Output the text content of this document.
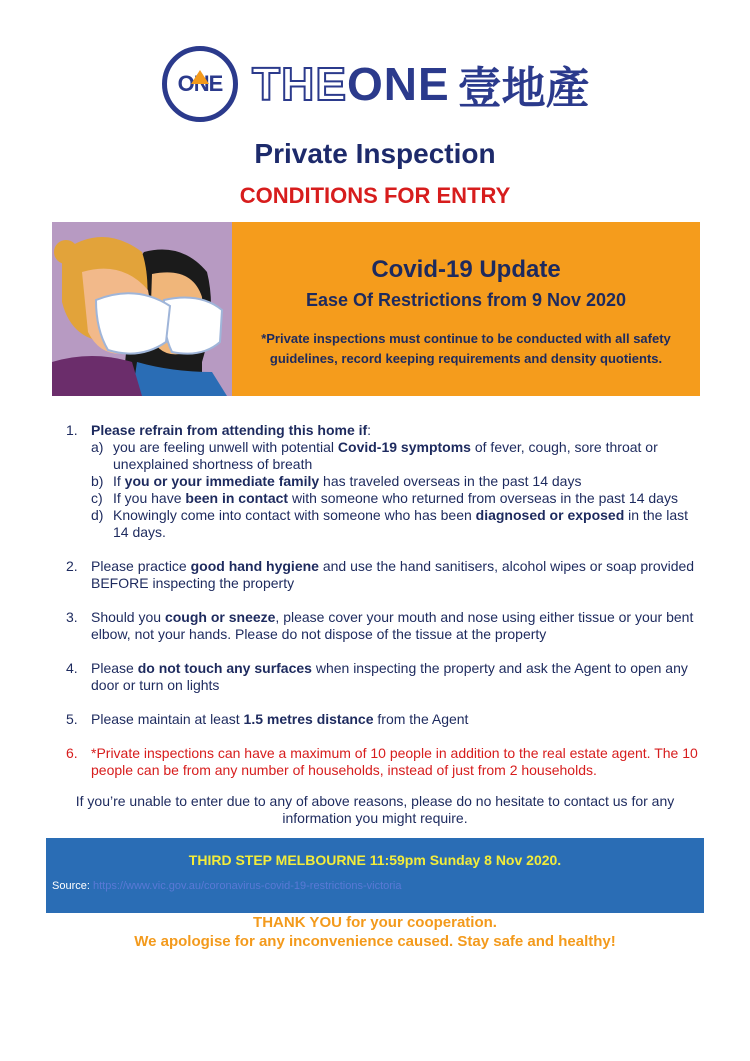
ONE THEONE 壹地產
Private Inspection
CONDITIONS FOR ENTRY
Covid-19 Update
Ease Of Restrictions from 9 Nov 2020
*Private inspections must continue to be conducted with all safety guidelines, record keeping requirements and density quotients.
1. Please refrain from attending this home if:
a) you are feeling unwell with potential Covid-19 symptoms of fever, cough, sore throat or unexplained shortness of breath
b) If you or your immediate family has traveled overseas in the past 14 days
c) If you have been in contact with someone who returned from overseas in the past 14 days
d) Knowingly come into contact with someone who has been diagnosed or exposed in the last 14 days.
2. Please practice good hand hygiene and use the hand sanitisers, alcohol wipes or soap provided BEFORE inspecting the property
3. Should you cough or sneeze, please cover your mouth and nose using either tissue or your bent elbow, not your hands. Please do not dispose of the tissue at the property
4. Please do not touch any surfaces when inspecting the property and ask the Agent to open any door or turn on lights
5. Please maintain at least 1.5 metres distance from the Agent
6. *Private inspections can have a maximum of 10 people in addition to the real estate agent. The 10 people can be from any number of households, instead of just from 2 households.
If you’re unable to enter due to any of above reasons, please do no hesitate to contact us for any information you might require.
THIRD STEP MELBOURNE 11:59pm Sunday 8 Nov 2020.
Source: https://www.vic.gov.au/coronavirus-covid-19-restrictions-victoria
THANK YOU for your cooperation.
We apologise for any inconvenience caused. Stay safe and healthy!
